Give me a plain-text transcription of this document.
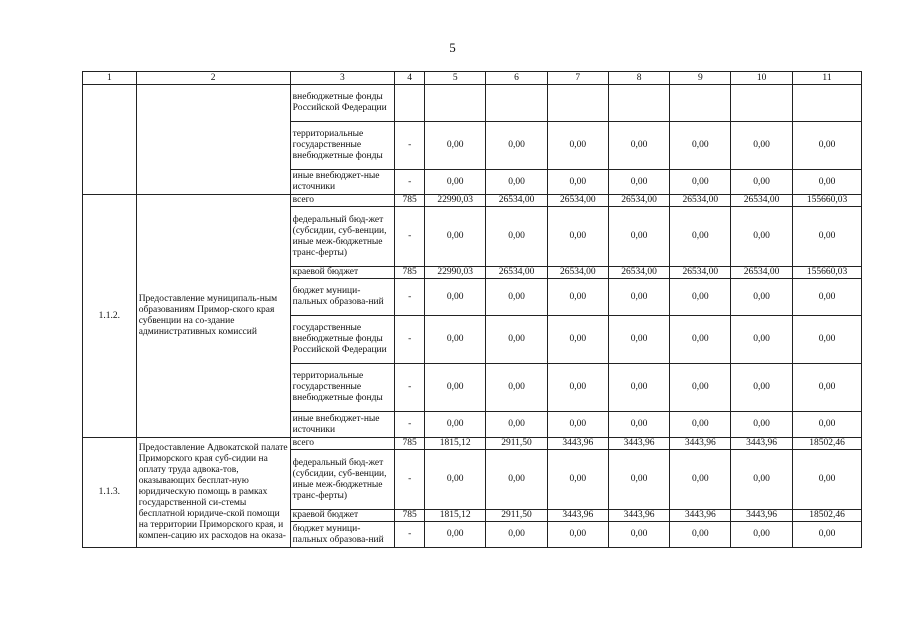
5
1	2	3	4	5	6	7	8	9	10	11
		внебюджетные фонды Российской Федерации								
		территориальные государственные внебюджетные фонды	-	0,00	0,00	0,00	0,00	0,00	0,00	0,00
		иные внебюджет-ные источники	-	0,00	0,00	0,00	0,00	0,00	0,00	0,00
1.1.2.	Предоставление муниципаль-ным образованиям Примор-ского края субвенции на со-здание административных комиссий	всего	785	22990,03	26534,00	26534,00	26534,00	26534,00	26534,00	155660,03
		федеральный бюд-жет (субсидии, суб-венции, иные меж-бюджетные транс-ферты)	-	0,00	0,00	0,00	0,00	0,00	0,00	0,00
		краевой бюджет	785	22990,03	26534,00	26534,00	26534,00	26534,00	26534,00	155660,03
		бюджет муници-пальных образова-ний	-	0,00	0,00	0,00	0,00	0,00	0,00	0,00
		государственные внебюджетные фонды Российской Федерации	-	0,00	0,00	0,00	0,00	0,00	0,00	0,00
		территориальные государственные внебюджетные фонды	-	0,00	0,00	0,00	0,00	0,00	0,00	0,00
		иные внебюджет-ные источники	-	0,00	0,00	0,00	0,00	0,00	0,00	0,00
1.1.3.	Предоставление Адвокатской палате Приморского края суб-сидии на оплату труда адвока-тов, оказывающих бесплат-ную юридическую помощь в рамках государственной си-стемы бесплатной юридиче-ской помощи на территории Приморского края, и компен-сацию их расходов на оказа-	всего	785	1815,12	2911,50	3443,96	3443,96	3443,96	3443,96	18502,46
		федеральный бюд-жет (субсидии, суб-венции, иные меж-бюджетные транс-ферты)	-	0,00	0,00	0,00	0,00	0,00	0,00	0,00
		краевой бюджет	785	1815,12	2911,50	3443,96	3443,96	3443,96	3443,96	18502,46
		бюджет муници-пальных образова-ний	-	0,00	0,00	0,00	0,00	0,00	0,00	0,00
